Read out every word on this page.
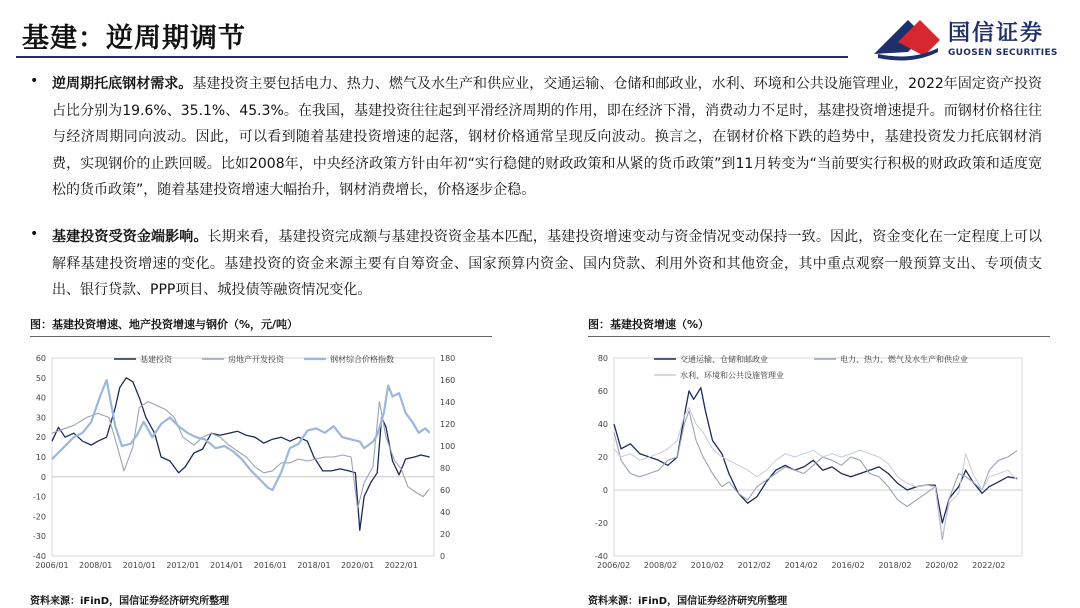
基建：逆周期调节	国信证券
GUOSEN SECURITIES
• 逆周期托底钢材需求。基建投资主要包括电力、热力、燃气及水生产和供应业，交通运输、仓储和邮政业，水利、环境和公共设施管理业，2022年固定资产投资占比分别为19.6%、35.1%、45.3%。在我国，基建投资往往起到平滑经济周期的作用，即在经济下滑，消费动力不足时，基建投资增速提升。而钢材价格往往与经济周期同向波动。因此，可以看到随着基建投资增速的起落，钢材价格通常呈现反向波动。换言之，在钢材价格下跌的趋势中，基建投资发力托底钢材消费，实现钢价的止跌回暖。比如2008年，中央经济政策方针由年初“实行稳健的财政政策和从紧的货币政策”到11月转变为“当前要实行积极的财政政策和适度宽松的货币政策”，随着基建投资增速大幅抬升，钢材消费增长，价格逐步企稳。
• 基建投资受资金端影响。长期来看，基建投资完成额与基建投资资金基本匹配，基建投资增速变动与资金情况变动保持一致。因此，资金变化在一定程度上可以解释基建投资增速的变化。基建投资的资金来源主要有自筹资金、国家预算内资金、国内贷款、利用外资和其他资金，其中重点观察一般预算支出、专项债支出、银行贷款、PPP项目、城投债等融资情况变化。
图：基建投资增速、地产投资增速与钢价（%，元/吨）
-40
-30
-20
-10
0
10
20
30
40
50
60
0
20
40
60
80
100
120
140
160
180
2006/01 2008/01 2010/01 2012/01 2014/01 2016/01 2018/01 2020/01 2022/01
基建投资	房地产开发投资	钢材综合价格指数
资料来源：iFinD，国信证券经济研究所整理
图：基建投资增速（%）
-40
-20
0
20
40
60
80
2006/02 2008/02 2010/02 2012/02 2014/02 2016/02 2018/02 2020/02 2022/02
交通运输、仓储和邮政业	电力、热力、燃气及水生产和供应业
水利、环境和公共设施管理业
资料来源：iFinD，国信证券经济研究所整理
